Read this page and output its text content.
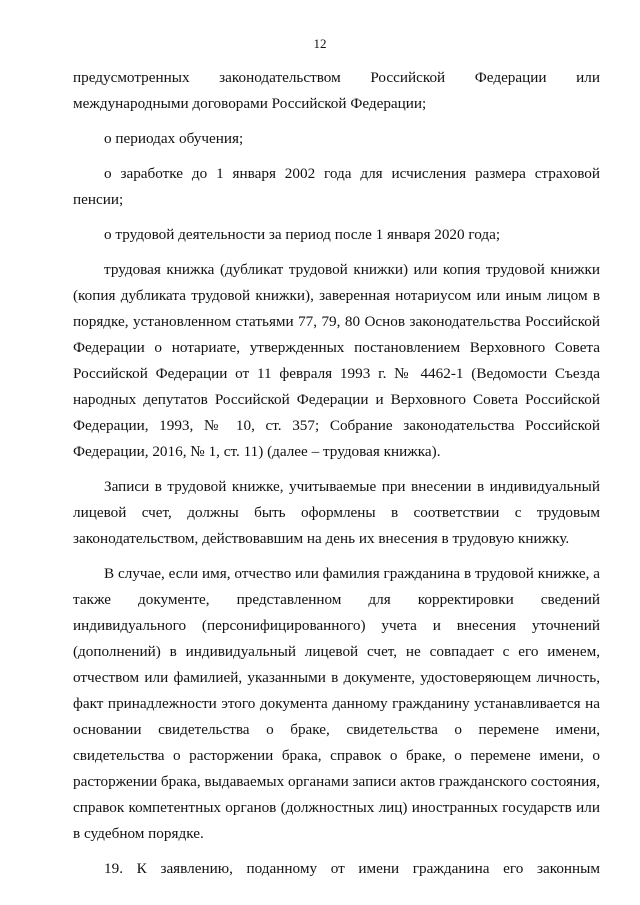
12

предусмотренных законодательством Российской Федерации или международными договорами Российской Федерации;

о периодах обучения;

о заработке до 1 января 2002 года для исчисления размера страховой пенсии;

о трудовой деятельности за период после 1 января 2020 года;

трудовая книжка (дубликат трудовой книжки) или копия трудовой книжки (копия дубликата трудовой книжки), заверенная нотариусом или иным лицом в порядке, установленном статьями 77, 79, 80 Основ законодательства Российской Федерации о нотариате, утвержденных постановлением Верховного Совета Российской Федерации от 11 февраля 1993 г. № 4462-1 (Ведомости Съезда народных депутатов Российской Федерации и Верховного Совета Российской Федерации, 1993, № 10, ст. 357; Собрание законодательства Российской Федерации, 2016, № 1, ст. 11) (далее – трудовая книжка).

Записи в трудовой книжке, учитываемые при внесении в индивидуальный лицевой счет, должны быть оформлены в соответствии с трудовым законодательством, действовавшим на день их внесения в трудовую книжку.

В случае, если имя, отчество или фамилия гражданина в трудовой книжке, а также документе, представленном для корректировки сведений индивидуального (персонифицированного) учета и внесения уточнений (дополнений) в индивидуальный лицевой счет, не совпадает с его именем, отчеством или фамилией, указанными в документе, удостоверяющем личность, факт принадлежности этого документа данному гражданину устанавливается на основании свидетельства о браке, свидетельства о перемене имени, свидетельства о расторжении брака, справок о браке, о перемене имени, о расторжении брака, выдаваемых органами записи актов гражданского состояния, справок компетентных органов (должностных лиц) иностранных государств или в судебном порядке.

19. К заявлению, поданному от имени гражданина его законным
